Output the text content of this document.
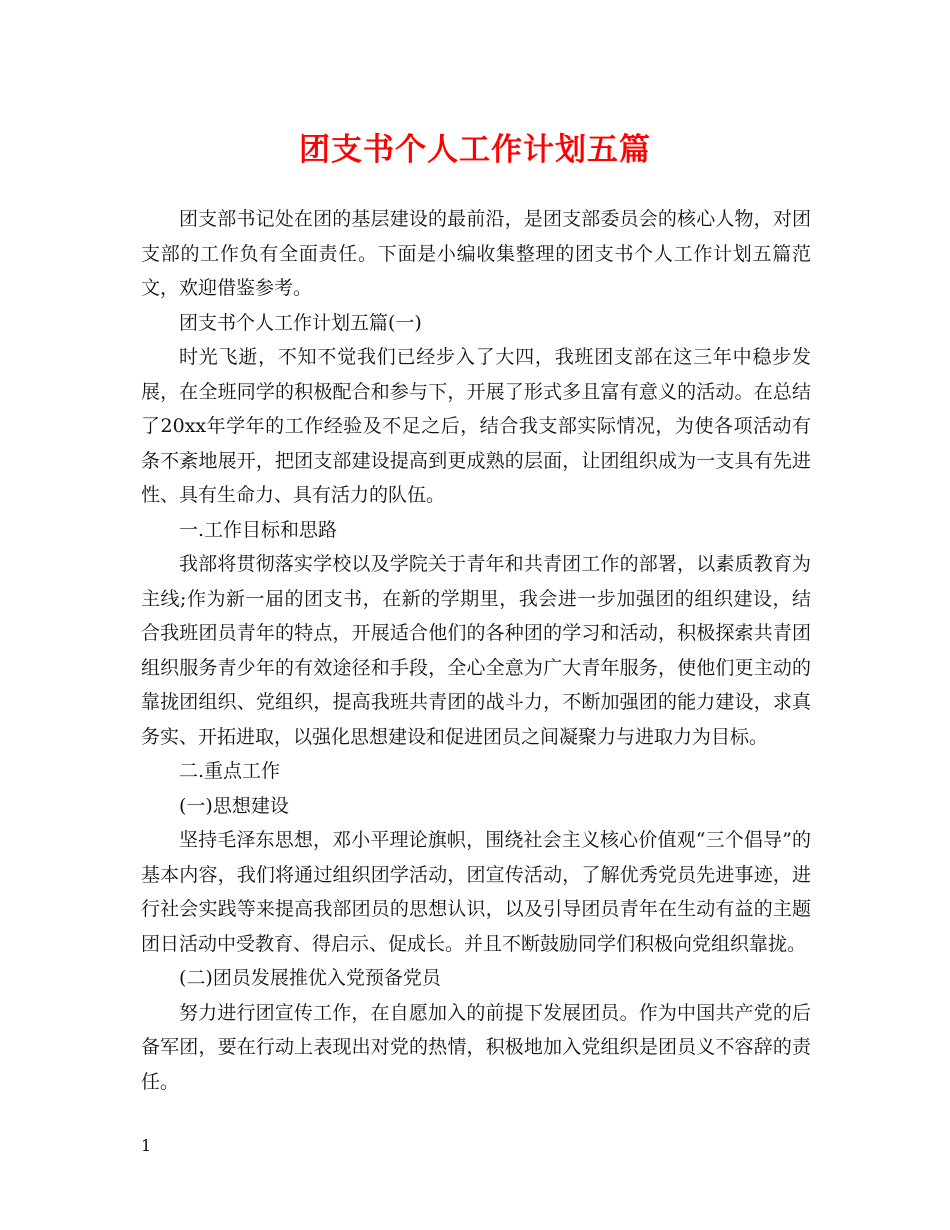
团支书个人工作计划五篇

团支部书记处在团的基层建设的最前沿，是团支部委员会的核心人物，对团支部的工作负有全面责任。下面是小编收集整理的团支书个人工作计划五篇范文，欢迎借鉴参考。

团支书个人工作计划五篇(一)

时光飞逝，不知不觉我们已经步入了大四，我班团支部在这三年中稳步发展，在全班同学的积极配合和参与下，开展了形式多且富有意义的活动。在总结了20xx年学年的工作经验及不足之后，结合我支部实际情况，为使各项活动有条不紊地展开，把团支部建设提高到更成熟的层面，让团组织成为一支具有先进性、具有生命力、具有活力的队伍。

一.工作目标和思路

我部将贯彻落实学校以及学院关于青年和共青团工作的部署，以素质教育为主线;作为新一届的团支书，在新的学期里，我会进一步加强团的组织建设，结合我班团员青年的特点，开展适合他们的各种团的学习和活动，积极探索共青团组织服务青少年的有效途径和手段，全心全意为广大青年服务，使他们更主动的靠拢团组织、党组织，提高我班共青团的战斗力，不断加强团的能力建设，求真务实、开拓进取，以强化思想建设和促进团员之间凝聚力与进取力为目标。

二.重点工作

(一)思想建设

坚持毛泽东思想，邓小平理论旗帜，围绕社会主义核心价值观“三个倡导”的基本内容，我们将通过组织团学活动，团宣传活动，了解优秀党员先进事迹，进行社会实践等来提高我部团员的思想认识，以及引导团员青年在生动有益的主题团日活动中受教育、得启示、促成长。并且不断鼓励同学们积极向党组织靠拢。

(二)团员发展推优入党预备党员

努力进行团宣传工作，在自愿加入的前提下发展团员。作为中国共产党的后备军团，要在行动上表现出对党的热情，积极地加入党组织是团员义不容辞的责任。

1
